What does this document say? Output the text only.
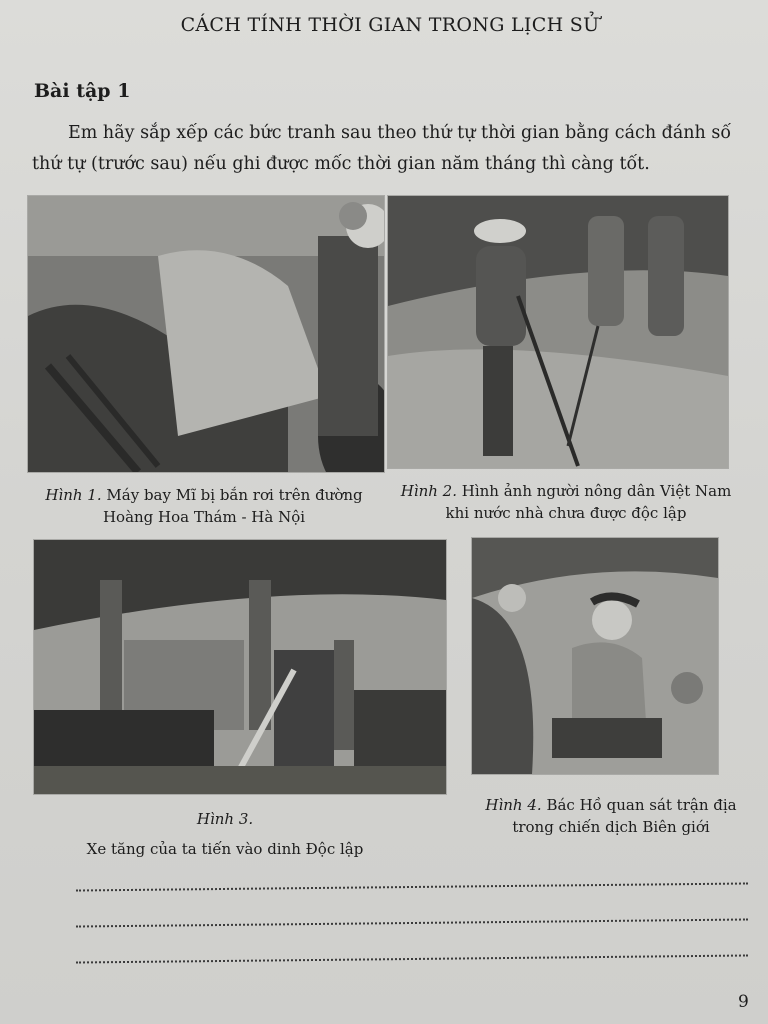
CÁCH TÍNH THỜI GIAN TRONG LỊCH SỬ
Bài tập 1
Em hãy sắp xếp các bức tranh sau theo thứ tự thời gian bằng cách đánh số thứ tự (trước sau) nếu ghi được mốc thời gian năm tháng thì càng tốt.
Hình 1. Máy bay Mĩ bị bắn rơi trên đường
Hoàng Hoa Thám - Hà Nội
Hình 2. Hình ảnh người nông dân Việt Nam
khi nước nhà chưa được độc lập
Hình 3.
Xe tăng của ta tiến vào dinh Độc lập
Hình 4. Bác Hồ quan sát trận địa
trong chiến dịch Biên giới
9
